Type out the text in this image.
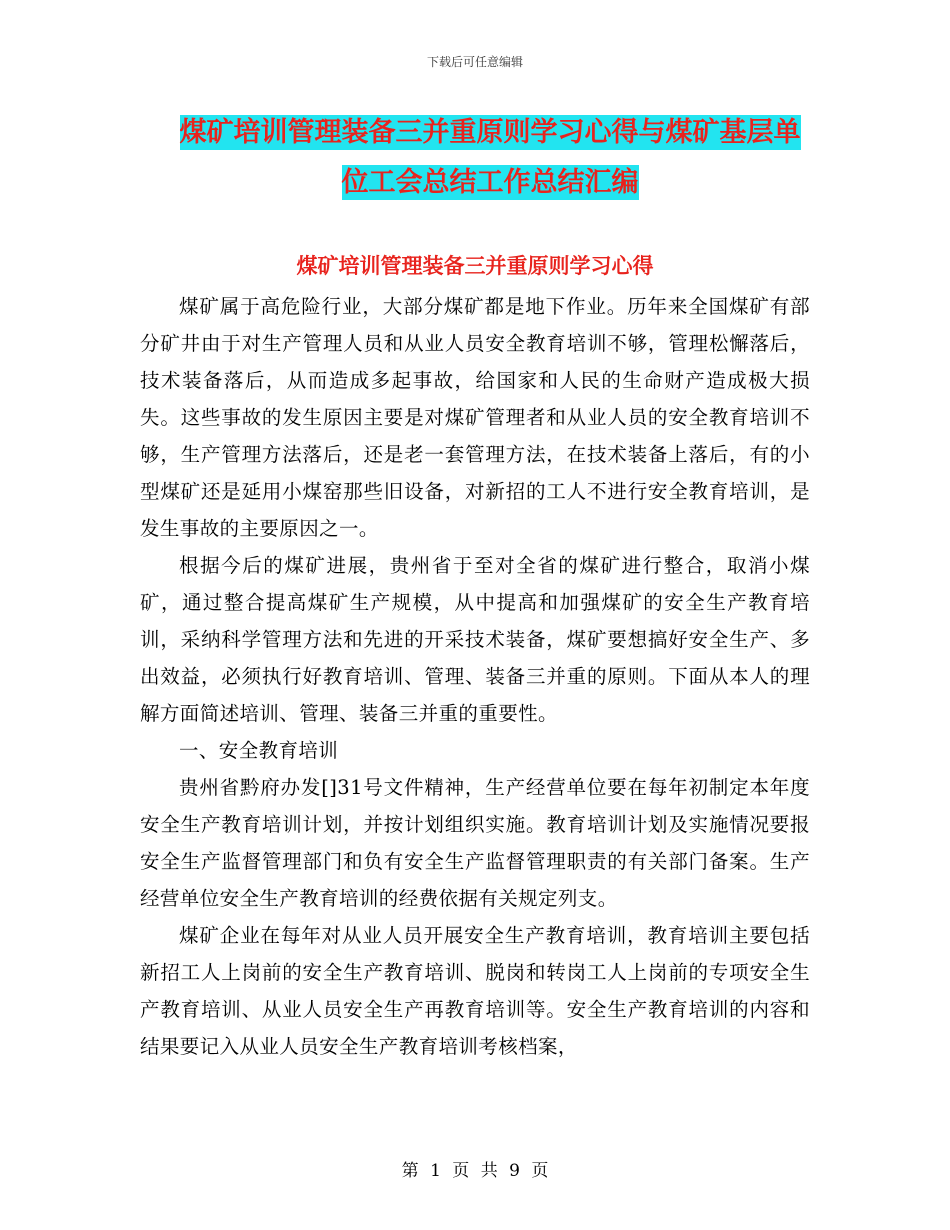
下载后可任意编辑
煤矿培训管理装备三并重原则学习心得与煤矿基层单
位工会总结工作总结汇编
煤矿培训管理装备三并重原则学习心得

煤矿属于高危险行业，大部分煤矿都是地下作业。历年来全国煤矿有部分矿井由于对生产管理人员和从业人员安全教育培训不够，管理松懈落后，技术装备落后，从而造成多起事故，给国家和人民的生命财产造成极大损失。这些事故的发生原因主要是对煤矿管理者和从业人员的安全教育培训不够，生产管理方法落后，还是老一套管理方法，在技术装备上落后，有的小型煤矿还是延用小煤窑那些旧设备，对新招的工人不进行安全教育培训，是发生事故的主要原因之一。

根据今后的煤矿进展，贵州省于至对全省的煤矿进行整合，取消小煤矿，通过整合提高煤矿生产规模，从中提高和加强煤矿的安全生产教育培训，采纳科学管理方法和先进的开采技术装备，煤矿要想搞好安全生产、多出效益，必须执行好教育培训、管理、装备三并重的原则。下面从本人的理解方面简述培训、管理、装备三并重的重要性。

一、安全教育培训

贵州省黔府办发[]31号文件精神，生产经营单位要在每年初制定本年度安全生产教育培训计划，并按计划组织实施。教育培训计划及实施情况要报安全生产监督管理部门和负有安全生产监督管理职责的有关部门备案。生产经营单位安全生产教育培训的经费依据有关规定列支。

煤矿企业在每年对从业人员开展安全生产教育培训，教育培训主要包括新招工人上岗前的安全生产教育培训、脱岗和转岗工人上岗前的专项安全生产教育培训、从业人员安全生产再教育培训等。安全生产教育培训的内容和结果要记入从业人员安全生产教育培训考核档案，

第 1 页 共 9 页
